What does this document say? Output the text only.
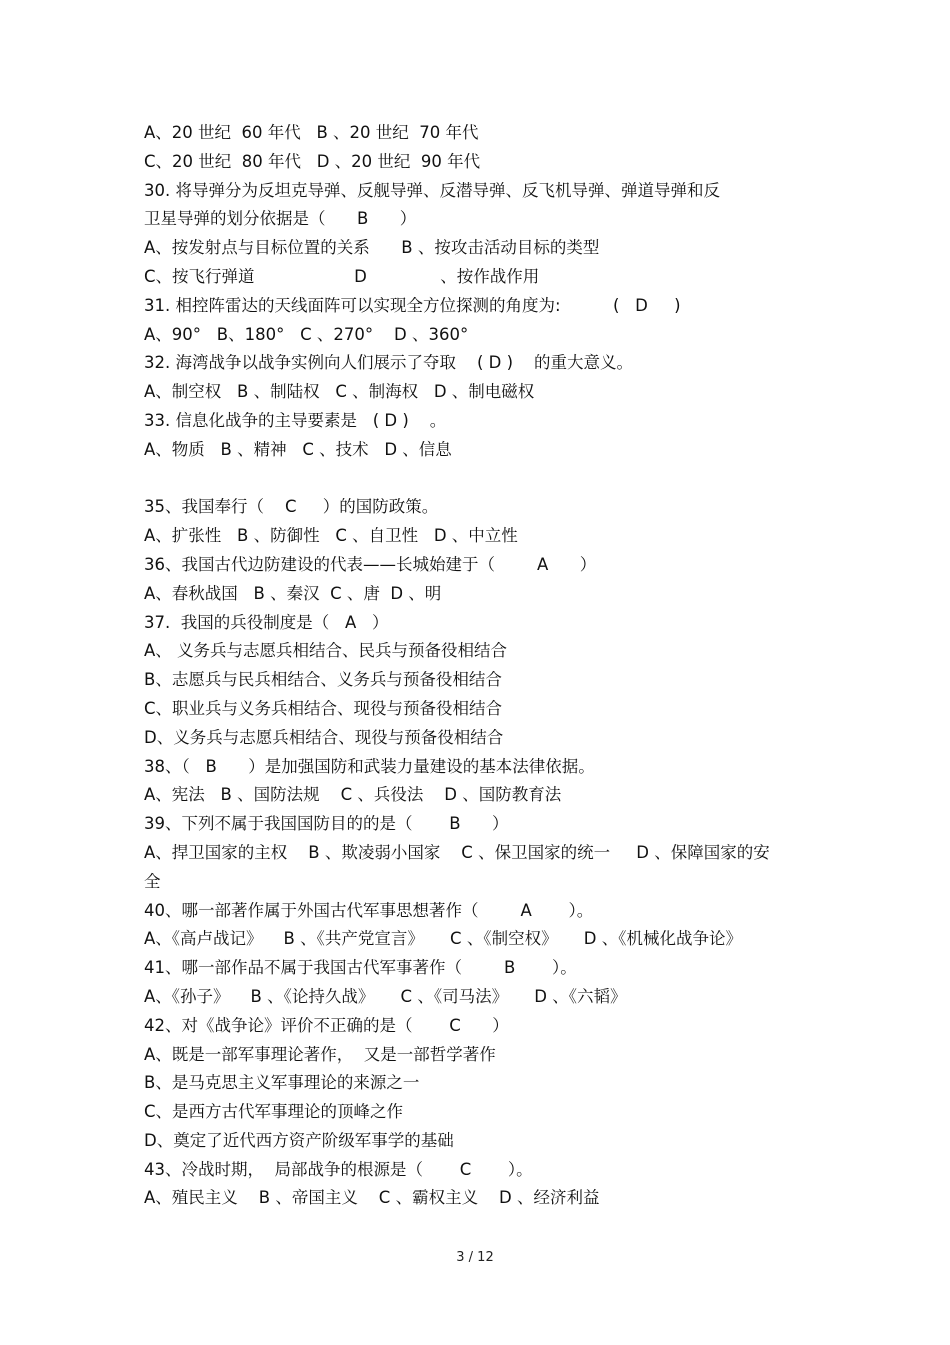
A、20 世纪  60 年代   B 、20 世纪  70 年代
C、20 世纪  80 年代   D 、20 世纪  90 年代
30. 将导弹分为反坦克导弹、反舰导弹、反潜导弹、反飞机导弹、弹道导弹和反
卫星导弹的划分依据是（      B      ）
A、按发射点与目标位置的关系      B 、按攻击活动目标的类型
C、按飞行弹道                   D              、按作战作用
31. 相控阵雷达的天线面阵可以实现全方位探测的角度为:          (   D     )
A、90°   B、180°   C 、270°    D 、360°
32. 海湾战争以战争实例向人们展示了夺取    ( D )    的重大意义。
A、制空权   B 、制陆权   C 、制海权   D 、制电磁权
33. 信息化战争的主导要素是   ( D )    。
A、物质   B 、精神   C 、技术   D 、信息
35、我国奉行（    C     ）的国防政策。
A、扩张性   B 、防御性   C 、自卫性   D 、中立性
36、我国古代边防建设的代表——长城始建于（        A      ）
A、春秋战国   B 、秦汉  C 、唐  D 、明
37.  我国的兵役制度是（   A   ）
A、 义务兵与志愿兵相结合、民兵与预备役相结合
B、志愿兵与民兵相结合、义务兵与预备役相结合
C、职业兵与义务兵相结合、现役与预备役相结合
D、义务兵与志愿兵相结合、现役与预备役相结合
38、（   B      ）是加强国防和武装力量建设的基本法律依据。
A、宪法   B 、国防法规    C 、兵役法    D 、国防教育法
39、下列不属于我国国防目的的是（       B      ）
A、捍卫国家的主权    B 、欺凌弱小国家    C 、保卫国家的统一     D 、保障国家的安
全
40、哪一部著作属于外国古代军事思想著作（        A       ）。
A、《高卢战记》    B 、《共产党宣言》     C 、《制空权》     D 、《机械化战争论》
41、哪一部作品不属于我国古代军事著作（        B       ）。
A、《孙子》    B 、《论持久战》     C 、《司马法》     D 、《六韬》
42、对《战争论》评价不正确的是（       C      ）
A、既是一部军事理论著作，  又是一部哲学著作
B、是马克思主义军事理论的来源之一
C、是西方古代军事理论的顶峰之作
D、奠定了近代西方资产阶级军事学的基础
43、冷战时期，  局部战争的根源是（       C       ）。
A、殖民主义    B 、帝国主义    C 、霸权主义    D 、经济利益
3 / 12
